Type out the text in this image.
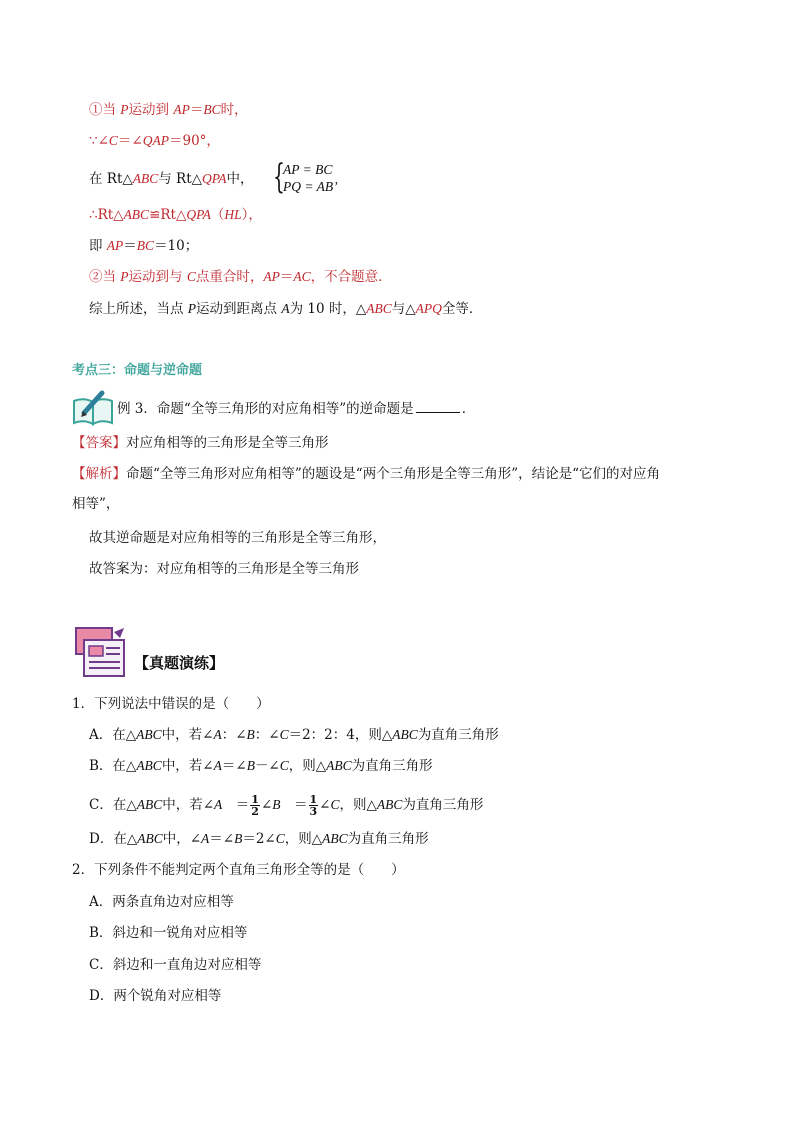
①当 P运动到 AP＝BC时，
∵∠C＝∠QAP＝90°，
在 Rt△ABC与 Rt△QPA中， {
AP = BC
PQ = AB’
∴Rt△ABC≌Rt△QPA（HL），
即 AP＝BC＝10；
②当 P运动到与 C点重合时，AP＝AC，不合题意．
综上所述，当点 P运动到距离点 A为 10 时，△ABC与△APQ全等．
考点三：命题与逆命题
例 3．命题“全等三角形的对应角相等”的逆命题是	．
【答案】对应角相等的三角形是全等三角形
【解析】命题“全等三角形对应角相等”的题设是“两个三角形是全等三角形”，结论是“它们的对应角
相等”，
故其逆命题是对应角相等的三角形是全等三角形，
故答案为：对应角相等的三角形是全等三角形
【真题演练】
1．下列说法中错误的是（　　）
A．在△ABC中，若∠A：∠B：∠C＝2：2：4，则△ABC为直角三角形
B．在△ABC中，若∠A＝∠B－∠C，则△ABC为直角三角形
C．在△ABC中，若∠A　＝ $\frac{1}{2}$ ∠B　＝ $\frac{1}{3}$ ∠C，则△ABC为直角三角形
D．在△ABC中，∠A＝∠B＝2∠C，则△ABC为直角三角形
2．下列条件不能判定两个直角三角形全等的是（　　）
A．两条直角边对应相等
B．斜边和一锐角对应相等
C．斜边和一直角边对应相等
D．两个锐角对应相等
